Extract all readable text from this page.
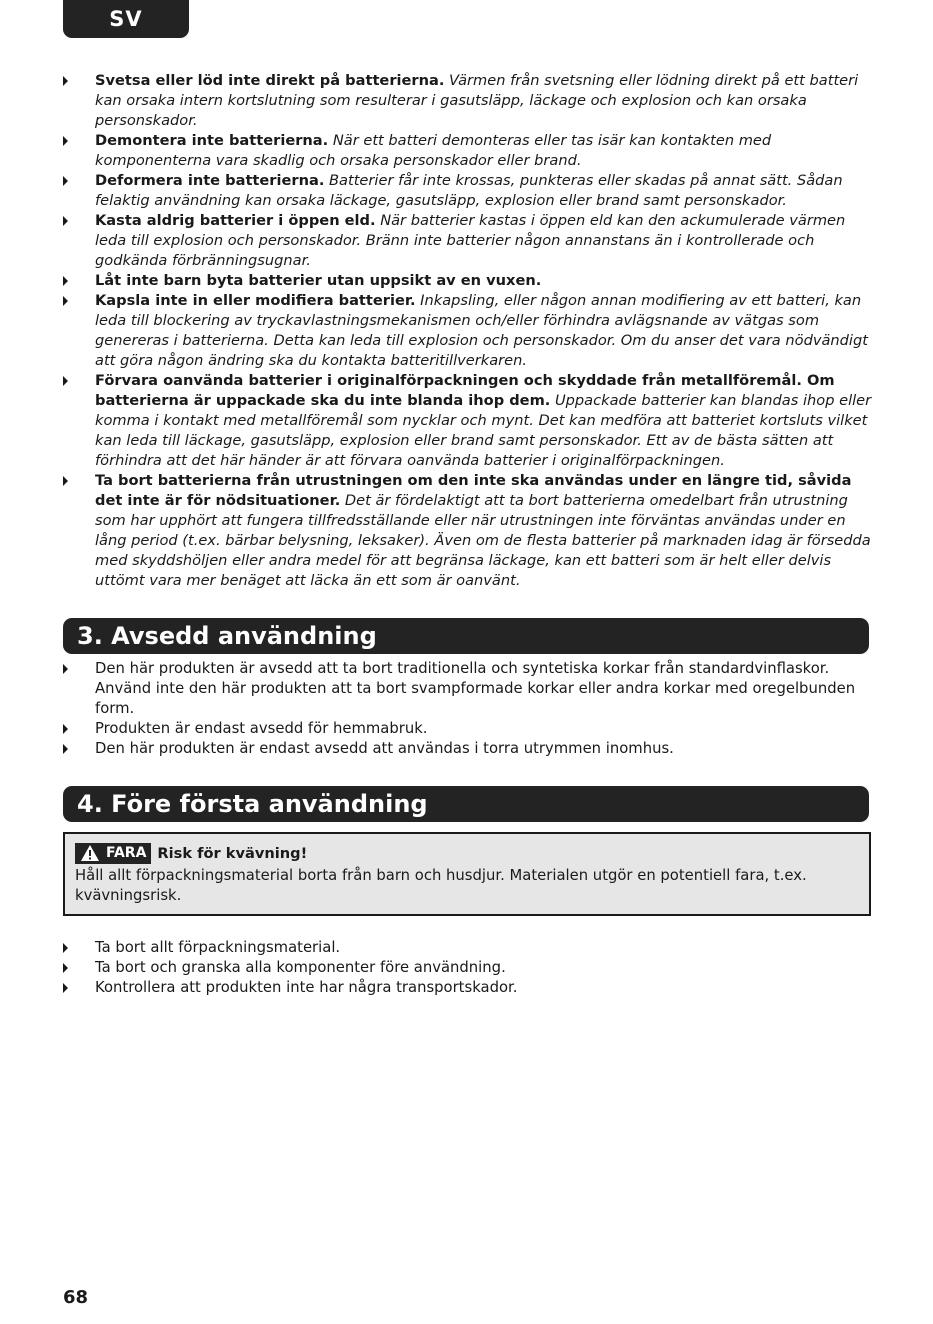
SV
Svetsa eller löd inte direkt på batterierna. Värmen från svetsning eller lödning direkt på ett batteri kan orsaka intern kortslutning som resulterar i gasutsläpp, läckage och explosion och kan orsaka personskador.
Demontera inte batterierna. När ett batteri demonteras eller tas isär kan kontakten med komponenterna vara skadlig och orsaka personskador eller brand.
Deformera inte batterierna. Batterier får inte krossas, punkteras eller skadas på annat sätt. Sådan felaktig användning kan orsaka läckage, gasutsläpp, explosion eller brand samt personskador.
Kasta aldrig batterier i öppen eld. När batterier kastas i öppen eld kan den ackumulerade värmen leda till explosion och personskador. Bränn inte batterier någon annanstans än i kontrollerade och godkända förbränningsugnar.
Låt inte barn byta batterier utan uppsikt av en vuxen.
Kapsla inte in eller modifiera batterier. Inkapsling, eller någon annan modifiering av ett batteri, kan leda till blockering av tryckavlastningsmekanismen och/eller förhindra avlägsnande av vätgas som genereras i batterierna. Detta kan leda till explosion och personskador. Om du anser det vara nödvändigt att göra någon ändring ska du kontakta batteritillverkaren.
Förvara oanvända batterier i originalförpackningen och skyddade från metallföremål. Om batterierna är uppackade ska du inte blanda ihop dem. Uppackade batterier kan blandas ihop eller komma i kontakt med metallföremål som nycklar och mynt. Det kan medföra att batteriet kortsluts vilket kan leda till läckage, gasutsläpp, explosion eller brand samt personskador. Ett av de bästa sätten att förhindra att det här händer är att förvara oanvända batterier i originalförpackningen.
Ta bort batterierna från utrustningen om den inte ska användas under en längre tid, såvida det inte är för nödsituationer. Det är fördelaktigt att ta bort batterierna omedelbart från utrustning som har upphört att fungera tillfredsställande eller när utrustningen inte förväntas användas under en lång period (t.ex. bärbar belysning, leksaker). Även om de flesta batterier på marknaden idag är försedda med skyddshöljen eller andra medel för att begränsa läckage, kan ett batteri som är helt eller delvis uttömt vara mer benäget att läcka än ett som är oanvänt.
3. Avsedd användning
Den här produkten är avsedd att ta bort traditionella och syntetiska korkar från standardvinflaskor. Använd inte den här produkten att ta bort svampformade korkar eller andra korkar med oregelbunden form.
Produkten är endast avsedd för hemmabruk.
Den här produkten är endast avsedd att användas i torra utrymmen inomhus.
4. Före första användning
FARA Risk för kvävning!
Håll allt förpackningsmaterial borta från barn och husdjur. Materialen utgör en potentiell fara, t.ex. kvävningsrisk.
Ta bort allt förpackningsmaterial.
Ta bort och granska alla komponenter före användning.
Kontrollera att produkten inte har några transportskador.
68
